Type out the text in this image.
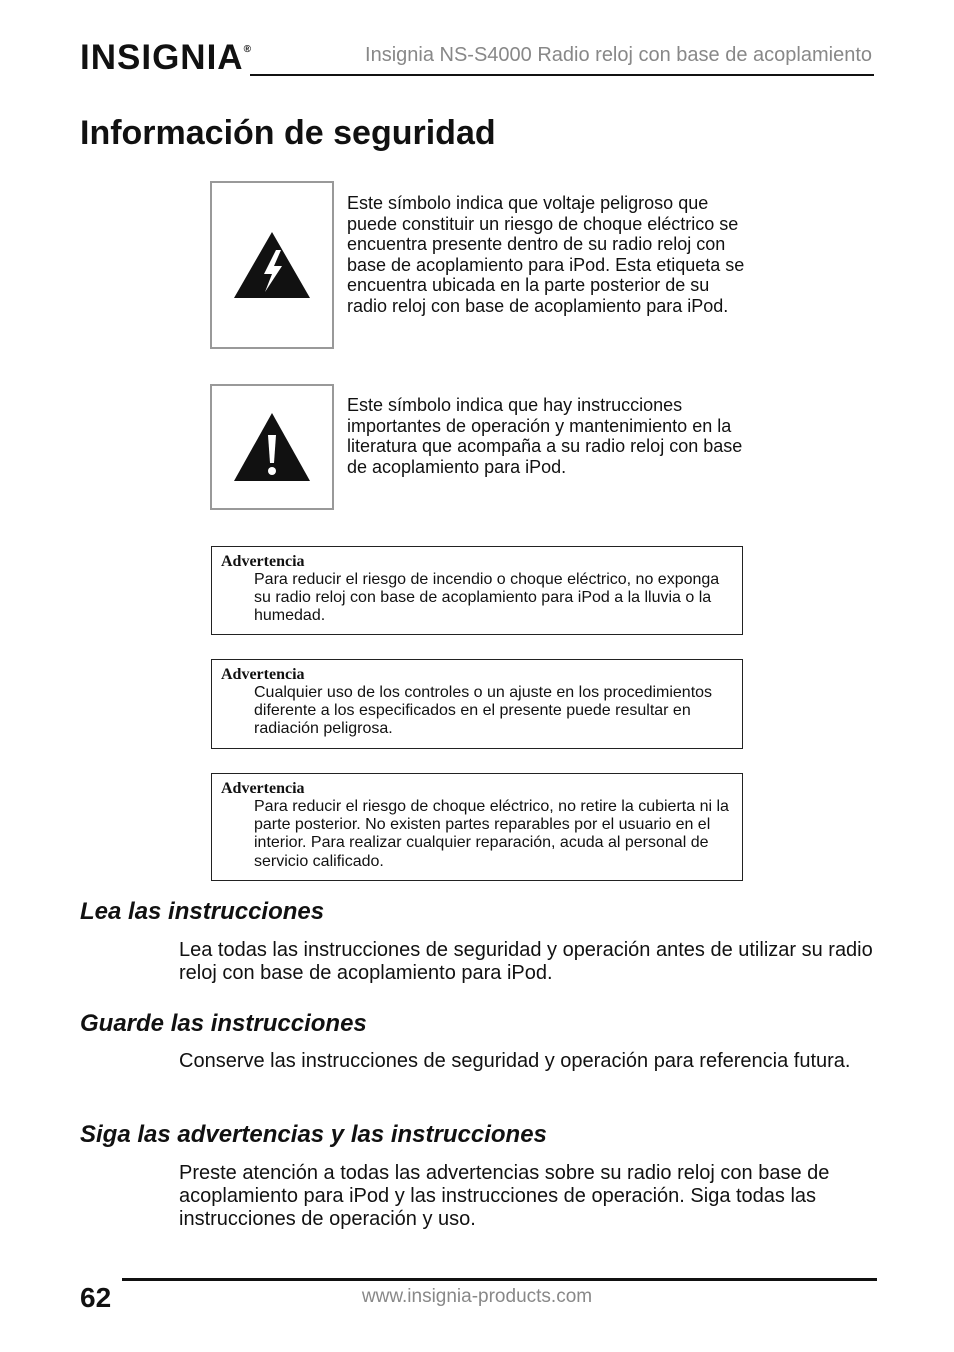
INSIGNIA®	Insignia NS-S4000 Radio reloj con base de acoplamiento
Información de seguridad
Este símbolo indica que voltaje peligroso que puede constituir un riesgo de choque eléctrico se encuentra presente dentro de su radio reloj con base de acoplamiento para iPod. Esta etiqueta se encuentra ubicada en la parte posterior de su radio reloj con base de acoplamiento para iPod.
Este símbolo indica que hay instrucciones importantes de operación y mantenimiento en la literatura que acompaña a su radio reloj con base de acoplamiento para iPod.
Advertencia
Para reducir el riesgo de incendio o choque eléctrico, no exponga su radio reloj con base de acoplamiento para iPod a la lluvia o la humedad.
Advertencia
Cualquier uso de los controles o un ajuste en los procedimientos diferente a los especificados en el presente puede resultar en radiación peligrosa.
Advertencia
Para reducir el riesgo de choque eléctrico, no retire la cubierta ni la parte posterior. No existen partes reparables por el usuario en el interior. Para realizar cualquier reparación, acuda al personal de servicio calificado.
Lea las instrucciones

Lea todas las instrucciones de seguridad y operación antes de utilizar su radio reloj con base de acoplamiento para iPod.

Guarde las instrucciones

Conserve las instrucciones de seguridad y operación para referencia futura.

Siga las advertencias y las instrucciones

Preste atención a todas las advertencias sobre su radio reloj con base de acoplamiento para iPod y las instrucciones de operación. Siga todas las instrucciones de operación y uso.

62	www.insignia-products.com
